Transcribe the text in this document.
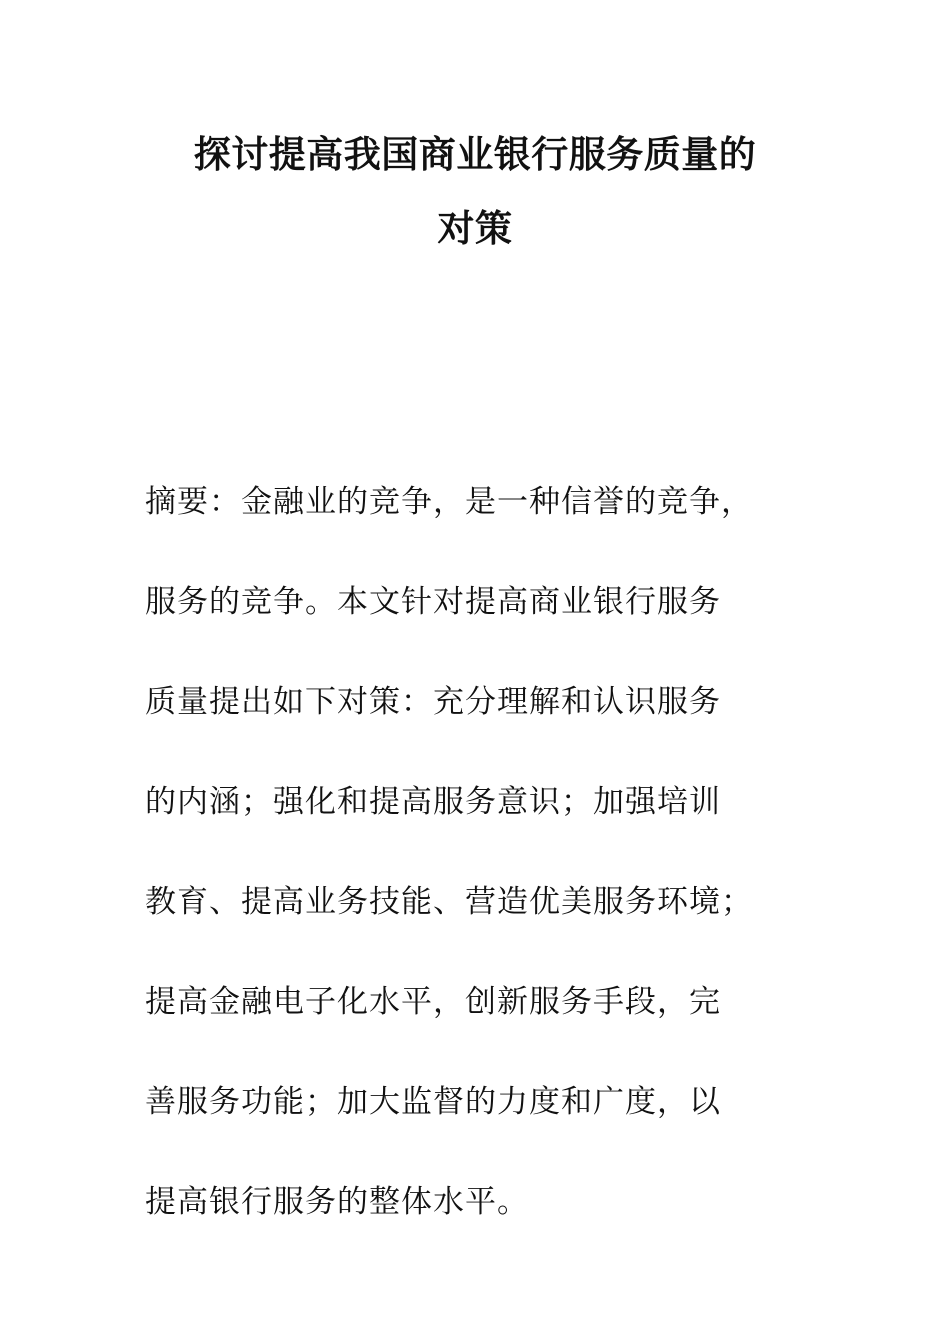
探讨提高我国商业银行服务质量的
对策
摘要：金融业的竞争，是一种信誉的竞争，
服务的竞争。本文针对提高商业银行服务
质量提出如下对策：充分理解和认识服务
的内涵；强化和提高服务意识；加强培训
教育、提高业务技能、营造优美服务环境；
提高金融电子化水平，创新服务手段，完
善服务功能；加大监督的力度和广度，以
提高银行服务的整体水平。
